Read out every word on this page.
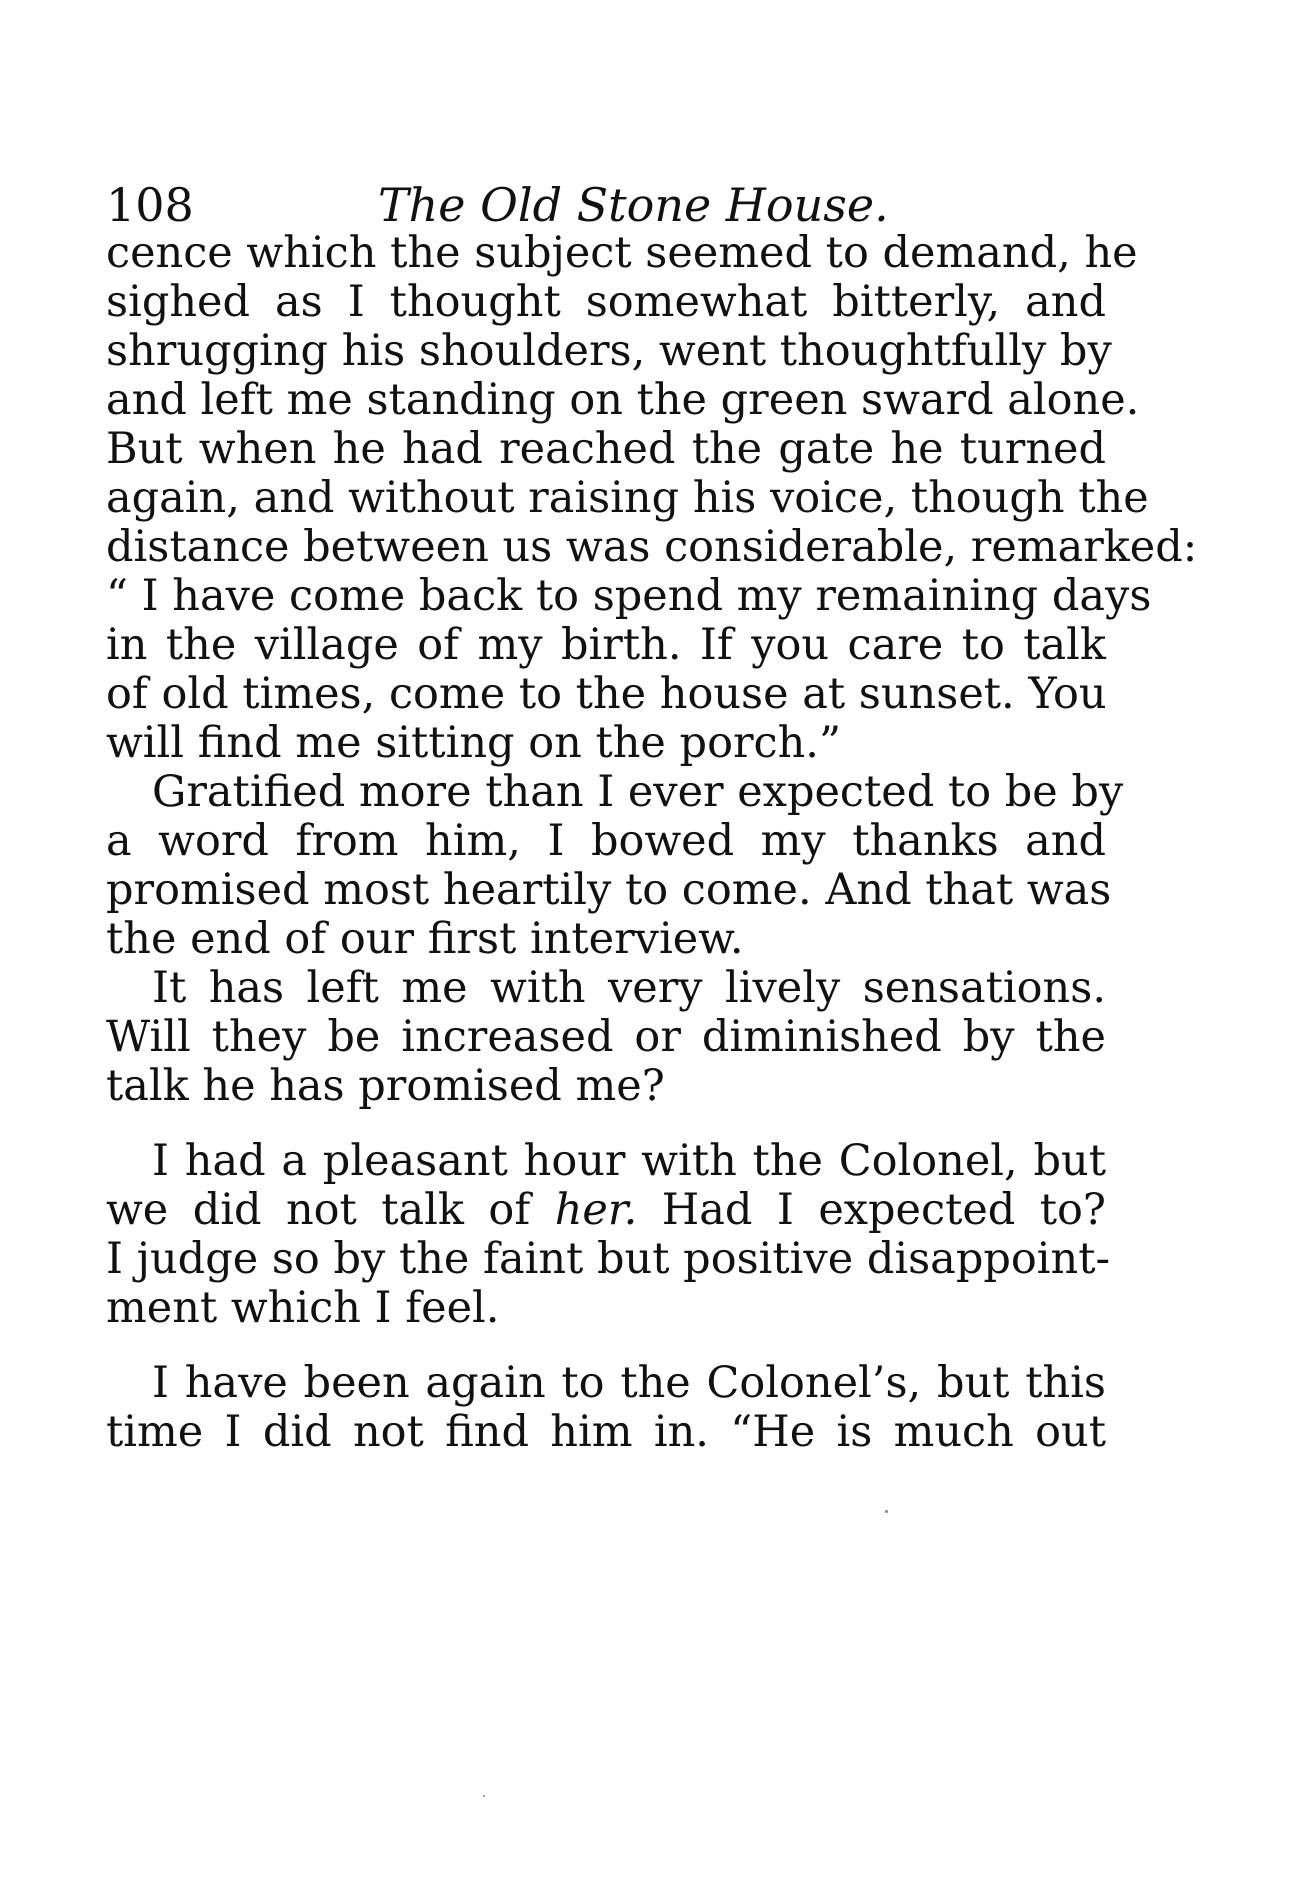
108	The Old Stone House.
cence which the subject seemed to demand, he
sighed as I thought somewhat bitterly, and
shrugging his shoulders, went thoughtfully by
and left me standing on the green sward alone.
But when he had reached the gate he turned
again, and without raising his voice, though the
distance between us was considerable, remarked:
“ I have come back to spend my remaining days
in the village of my birth. If you care to talk
of old times, come to the house at sunset. You
will find me sitting on the porch.”
Gratified more than I ever expected to be by
a word from him, I bowed my thanks and
promised most heartily to come. And that was
the end of our first interview.
It has left me with very lively sensations.
Will they be increased or diminished by the
talk he has promised me?
I had a pleasant hour with the Colonel, but
we did not talk of her. Had I expected to?
I judge so by the faint but positive disappoint-
ment which I feel.
I have been again to the Colonel’s, but this
time I did not find him in. “He is much out
